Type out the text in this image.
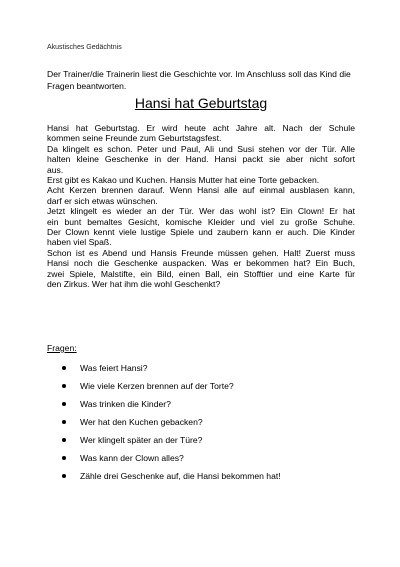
Akustisches Gedächtnis
Der Trainer/die Trainerin liest die Geschichte vor. Im Anschluss soll das Kind die Fragen beantworten.
Hansi hat Geburtstag

Hansi hat Geburtstag. Er wird heute acht Jahre alt. Nach der Schule

kommen seine Freunde zum Geburtstagsfest.

Da klingelt es schon. Peter und Paul, Ali und Susi stehen vor der Tür. Alle

halten kleine Geschenke in der Hand. Hansi packt sie aber nicht sofort

aus.

Erst gibt es Kakao und Kuchen. Hansis Mutter hat eine Torte gebacken.

Acht Kerzen brennen darauf. Wenn Hansi alle auf einmal ausblasen kann,

darf er sich etwas wünschen.

Jetzt klingelt es wieder an der Tür. Wer das wohl ist? Ein Clown! Er hat

ein bunt bemaltes Gesicht, komische Kleider und viel zu große Schuhe.

Der Clown kennt viele lustige Spiele und zaubern kann er auch. Die Kinder

haben viel Spaß.

Schon ist es Abend und Hansis Freunde müssen gehen. Halt! Zuerst muss

Hansi noch die Geschenke auspacken. Was er bekommen hat? Ein Buch,

zwei Spiele, Malstifte, ein Bild, einen Ball, ein Stofftier und eine Karte für

den Zirkus. Wer hat ihm die wohl Geschenkt?

Fragen:
Was feiert Hansi?
Wie viele Kerzen brennen auf der Torte?
Was trinken die Kinder?
Wer hat den Kuchen gebacken?
Wer klingelt später an der Türe?
Was kann der Clown alles?
Zähle drei Geschenke auf, die Hansi bekommen hat!
